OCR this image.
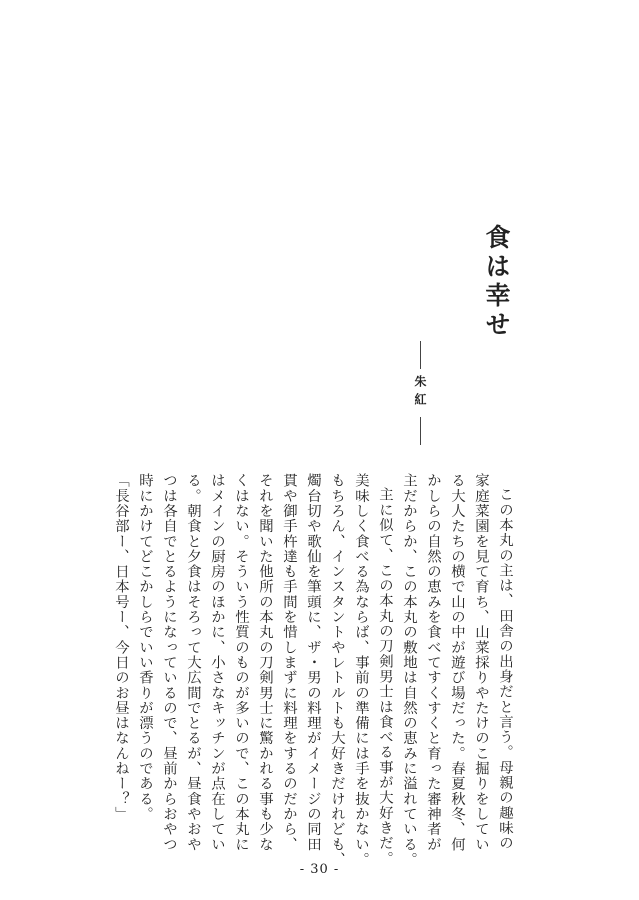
食は幸せ
朱紅

この本丸の主は、田舎の出身だと言う。母親の趣味の

家庭菜園を見て育ち、山菜採りやたけのこ掘りをしてい

る大人たちの横で山の中が遊び場だった。春夏秋冬、何

かしらの自然の恵みを食べてすくすくと育った審神者が

主だからか、この本丸の敷地は自然の恵みに溢れている。

主に似て、この本丸の刀剣男士は食べる事が大好きだ。

美味しく食べる為ならば、事前の準備には手を抜かない。

もちろん、インスタントやレトルトも大好きだけれども、

燭台切や歌仙を筆頭に、ザ・男の料理がイメージの同田

貫や御手杵達も手間を惜しまずに料理をするのだから、

それを聞いた他所の本丸の刀剣男士に驚かれる事も少な

くはない。そういう性質のものが多いので、この本丸に

はメインの厨房のほかに、小さなキッチンが点在してい

る。朝食と夕食はそろって大広間でとるが、昼食やおや

つは各自でとるようになっているので、昼前からおやつ

時にかけてどこかしらでいい香りが漂うのである。

「長谷部ー、日本号ー、今日のお昼はなんねー？」

- 30 -
